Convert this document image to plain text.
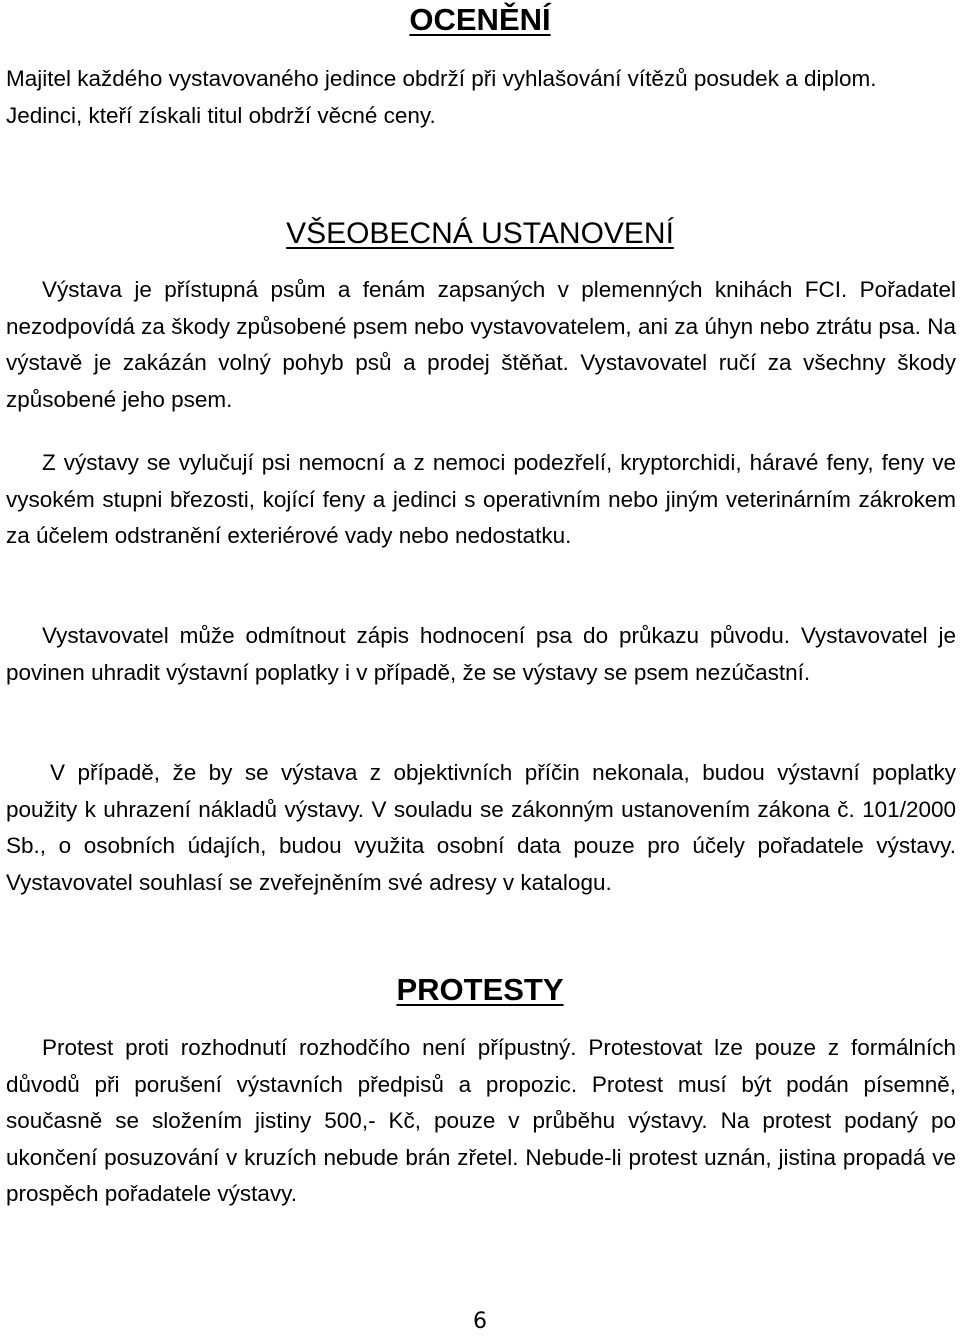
OCENĚNÍ

Majitel každého vystavovaného jedince obdrží při vyhlašování vítězů posudek a diplom. Jedinci, kteří získali titul obdrží věcné ceny.

VŠEOBECNÁ USTANOVENÍ

Výstava je přístupná psům a fenám zapsaných v plemenných knihách FCI. Pořadatel nezodpovídá za škody způsobené psem nebo vystavovatelem, ani za úhyn nebo ztrátu psa. Na výstavě je zakázán volný pohyb psů a prodej štěňat. Vystavovatel ručí za všechny škody způsobené jeho psem.

Z výstavy se vylučují psi nemocní a z nemoci podezřelí, kryptorchidi, háravé feny, feny ve vysokém stupni březosti, kojící feny a jedinci s operativním nebo jiným veterinárním zákrokem za účelem odstranění exteriérové vady nebo nedostatku.

Vystavovatel může odmítnout zápis hodnocení psa do průkazu původu. Vystavovatel je povinen uhradit výstavní poplatky i v případě, že se výstavy se psem nezúčastní.

V případě, že by se výstava z objektivních příčin nekonala, budou výstavní poplatky použity k uhrazení nákladů výstavy. V souladu se zákonným ustanovením zákona č. 101/2000 Sb., o osobních údajích, budou využita osobní data pouze pro účely pořadatele výstavy. Vystavovatel souhlasí se zveřejněním své adresy v katalogu.

PROTESTY

Protest proti rozhodnutí rozhodčího není přípustný. Protestovat lze pouze z formálních důvodů při porušení výstavních předpisů a propozic. Protest musí být podán písemně, současně se složením jistiny 500,- Kč, pouze v průběhu výstavy. Na protest podaný po ukončení posuzování v kruzích nebude brán zřetel. Nebude-li protest uznán, jistina propadá ve prospěch pořadatele výstavy.

6
